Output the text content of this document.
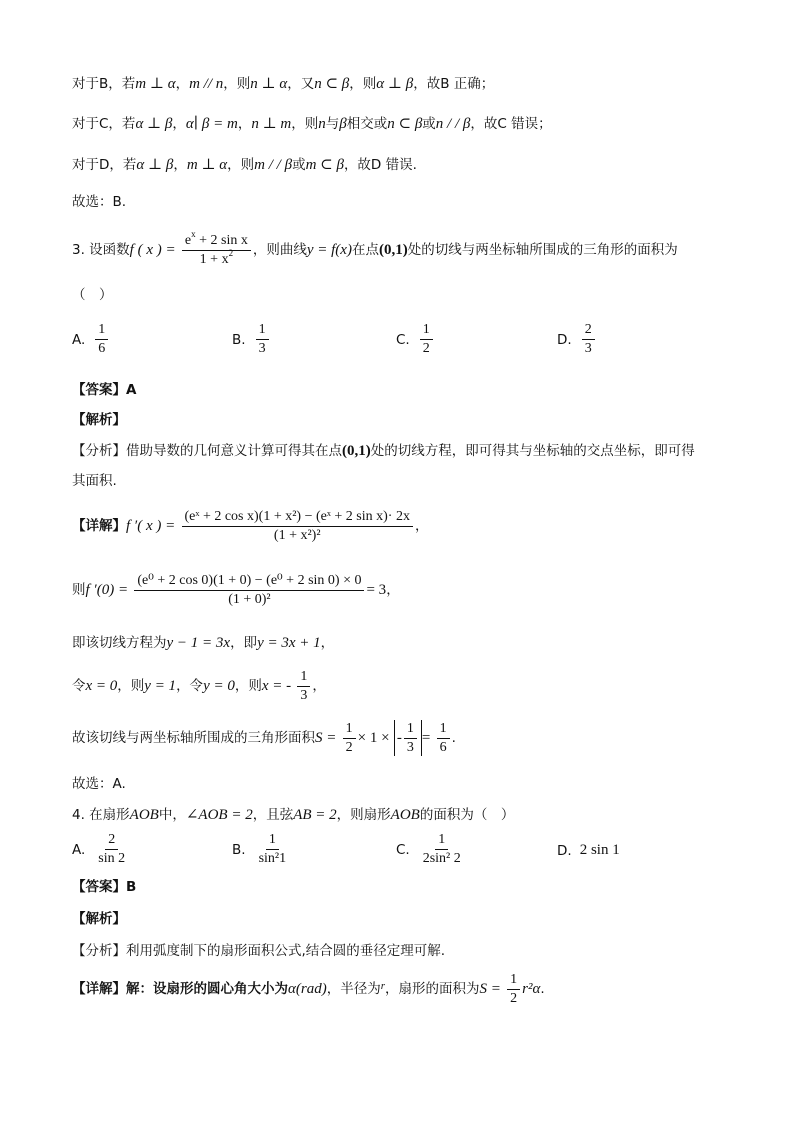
对于B，若m ⊥ α，m // n，则n ⊥ α，又n ⊂ β，则α ⊥ β，故B 正确；
对于C，若α ⊥ β，α∣ β = m，n ⊥ m，则n与β相交或n ⊂ β或n / / β，故C 错误；
对于D，若α ⊥ β，m ⊥ α，则m / / β或m ⊂ β，故D 错误.
故选：B.
3. 设函数f ( x ) = $\frac{e^x + 2 \sin x}{1 + x^2}$ ，则曲线y = f(x)在点(0,1)处的切线与两坐标轴所围成的三角形的面积为
（　）
A. $\frac{1}{6}$	B. $\frac{1}{3}$	C. $\frac{1}{2}$	D. $\frac{2}{3}$
【答案】A
【解析】
【分析】借助导数的几何意义计算可得其在点(0,1)处的切线方程，即可得其与坐标轴的交点坐标，即可得
其面积.
【详解】f ′( x ) = $\frac{\text{(eˣ + 2 cos x)(1 + x²) − (eˣ + 2 sin x)· 2x}}{\text{(1 + x²)²}}$ ，
则f $'(0) = \frac{\text{(e⁰ + 2 cos 0)(1 + 0) − (e⁰ + 2 sin 0) × 0}}{\text{(1 + 0)²}} = 3$，
即该切线方程为y − 1 = 3x，即y = 3x + 1，
令x = 0，则y = 1，令y = 0，则x = - $\frac{1}{3}$ ，
故该切线与两坐标轴所围成的三角形面积$S = \frac{1}{2} \times 1$ × - $\frac{1}{3} = \frac{1}{6}$ .
故选：A.
4. 在扇形AOB中，∠AOB = 2，且弦AB = 2，则扇形AOB的面积为（　）
A. $\frac{2}{\sin 2}$	B. $\frac{1}{\text{sin²1}}$	C. $\frac{1}{\text{2sin² 2}}$	D. 2 sin 1
【答案】B
【解析】
【分析】利用弧度制下的扇形面积公式,结合圆的垂径定理可解.
【详解】解：设扇形的圆心角大小为α(rad)，半径为$^r$，扇形的面积为$S = \frac{1}{2} r^2\alpha$.
